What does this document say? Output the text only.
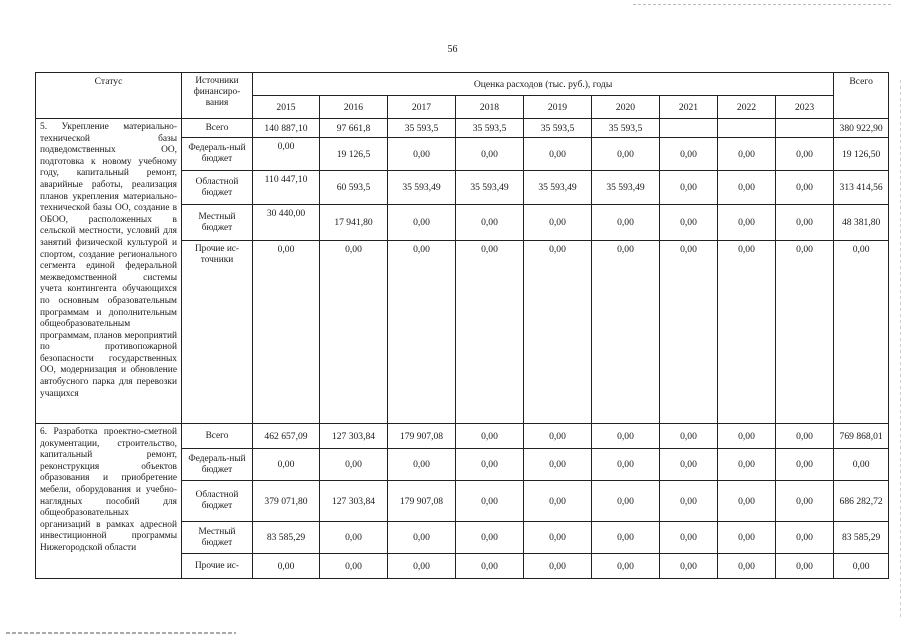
56
Статус	Источники финансиро-вания	Оценка расходов (тыс. руб.), годы									Всего
		2015	2016	2017	2018	2019	2020	2021	2022	2023	
5. Укрепление материально-технической базы подведомственных ОО, подготовка к новому учебному году, капитальный ремонт, аварийные работы, реализация планов укрепления материально-технической базы ОО, создание в ОБОО, расположенных в сельской местности, условий для занятий физической культурой и спортом, создание регионального сегмента единой федеральной межведомственной системы учета контингента обучающихся по основным образовательным программам и дополнительным общеобразовательным программам, планов мероприятий по противопожарной безопасности государственных ОО, модернизация и обновление автобусного парка для перевозки учащихся	Всего	140 887,10	97 661,8	35 593,5	35 593,5	35 593,5	35 593,5				380 922,90
	Федераль-ный бюджет	0,00	19 126,5	0,00	0,00	0,00	0,00	0,00	0,00	0,00	19 126,50
	Областной бюджет	110 447,10	60 593,5	35 593,49	35 593,49	35 593,49	35 593,49	0,00	0,00	0,00	313 414,56
	Местный бюджет	30 440,00	17 941,80	0,00	0,00	0,00	0,00	0,00	0,00	0,00	48 381,80
	Прочие ис-точники	0,00	0,00	0,00	0,00	0,00	0,00	0,00	0,00	0,00	0,00
6. Разработка проектно-сметной документации, строительство, капитальный ремонт, реконструкция объектов образования и приобретение мебели, оборудования и учебно-наглядных пособий для общеобразовательных организаций в рамках адресной инвестиционной программы Нижегородской области	Всего	462 657,09	127 303,84	179 907,08	0,00	0,00	0,00	0,00	0,00	0,00	769 868,01
	Федераль-ный бюджет	0,00	0,00	0,00	0,00	0,00	0,00	0,00	0,00	0,00	0,00
	Областной бюджет	379 071,80	127 303,84	179 907,08	0,00	0,00	0,00	0,00	0,00	0,00	686 282,72
	Местный бюджет	83 585,29	0,00	0,00	0,00	0,00	0,00	0,00	0,00	0,00	83 585,29
	Прочие ис-	0,00	0,00	0,00	0,00	0,00	0,00	0,00	0,00	0,00	0,00
